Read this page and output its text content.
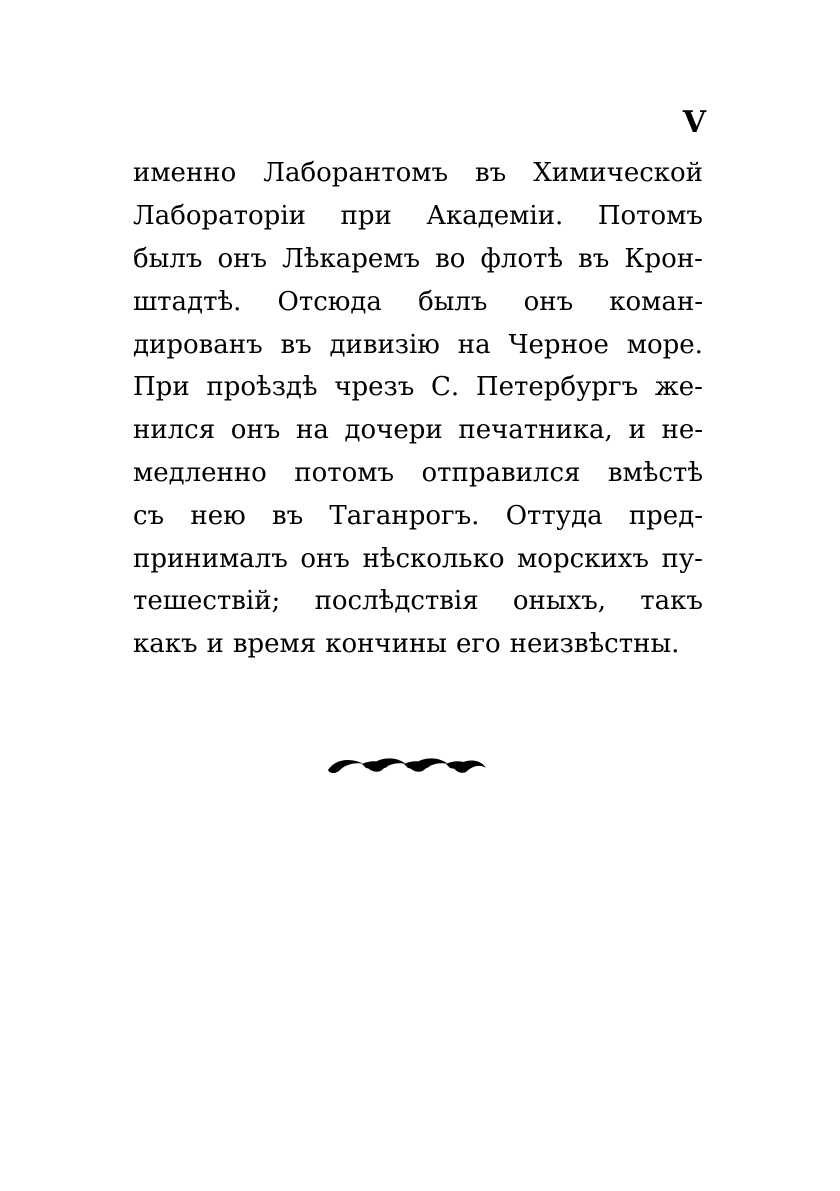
V
именно Лаборантомъ въ Химической
Лабораторіи при Академіи. Потомъ
былъ онъ Лѣкаремъ во флотѣ въ Крон-
штадтѣ. Отсюда былъ онъ коман-
дированъ въ дивизію на Черное море.
При проѣздѣ чрезъ С. Петербургъ же-
нился онъ на дочери печатника, и не-
медленно потомъ отправился вмѣстѣ
съ нею въ Таганрогъ. Оттуда пред-
принималъ онъ нѣсколько морскихъ пу-
тешествій; послѣдствія оныхъ, такъ
какъ и время кончины его неизвѣстны.
